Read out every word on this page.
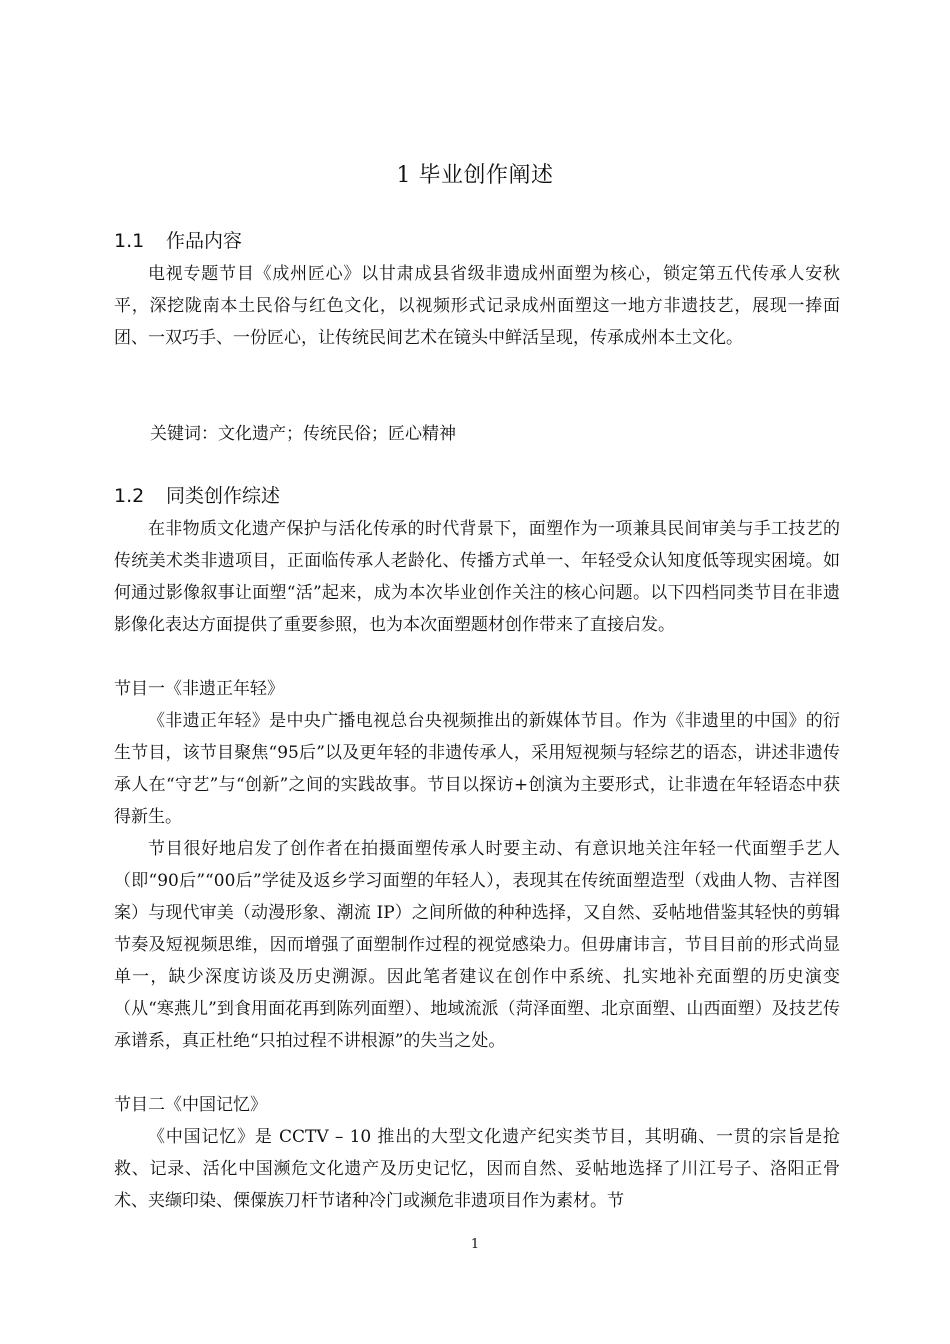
1 毕业创作阐述
1.1 作品内容

电视专题节目《成州匠心》以甘肃成县省级非遗成州面塑为核心，锁定第五代传承人安秋平，深挖陇南本土民俗与红色文化，以视频形式记录成州面塑这一地方非遗技艺，展现一捧面团、一双巧手、一份匠心，让传统民间艺术在镜头中鲜活呈现，传承成州本土文化。

关键词：文化遗产；传统民俗；匠心精神

1.2 同类创作综述

在非物质文化遗产保护与活化传承的时代背景下，面塑作为一项兼具民间审美与手工技艺的传统美术类非遗项目，正面临传承人老龄化、传播方式单一、年轻受众认知度低等现实困境。如何通过影像叙事让面塑“活”起来，成为本次毕业创作关注的核心问题。以下四档同类节目在非遗影像化表达方面提供了重要参照，也为本次面塑题材创作带来了直接启发。

节目一《非遗正年轻》

《非遗正年轻》是中央广播电视总台央视频推出的新媒体节目。作为《非遗里的中国》的衍生节目，该节目聚焦“95后”以及更年轻的非遗传承人，采用短视频与轻综艺的语态，讲述非遗传承人在“守艺”与“创新”之间的实践故事。节目以探访+创演为主要形式，让非遗在年轻语态中获得新生。

节目很好地启发了创作者在拍摄面塑传承人时要主动、有意识地关注年轻一代面塑手艺人（即“90后”“00后”学徒及返乡学习面塑的年轻人），表现其在传统面塑造型（戏曲人物、吉祥图案）与现代审美（动漫形象、潮流 IP）之间所做的种种选择，又自然、妥帖地借鉴其轻快的剪辑节奏及短视频思维，因而增强了面塑制作过程的视觉感染力。但毋庸讳言，节目目前的形式尚显单一，缺少深度访谈及历史溯源。因此笔者建议在创作中系统、扎实地补充面塑的历史演变（从“寒燕儿”到食用面花再到陈列面塑）、地域流派（菏泽面塑、北京面塑、山西面塑）及技艺传承谱系，真正杜绝“只拍过程不讲根源”的失当之处。

节目二《中国记忆》

《中国记忆》是 CCTV – 10 推出的大型文化遗产纪实类节目，其明确、一贯的宗旨是抢救、记录、活化中国濒危文化遗产及历史记忆，因而自然、妥帖地选择了川江号子、洛阳正骨术、夹缬印染、傈僳族刀杆节诸种冷门或濒危非遗项目作为素材。节

1
